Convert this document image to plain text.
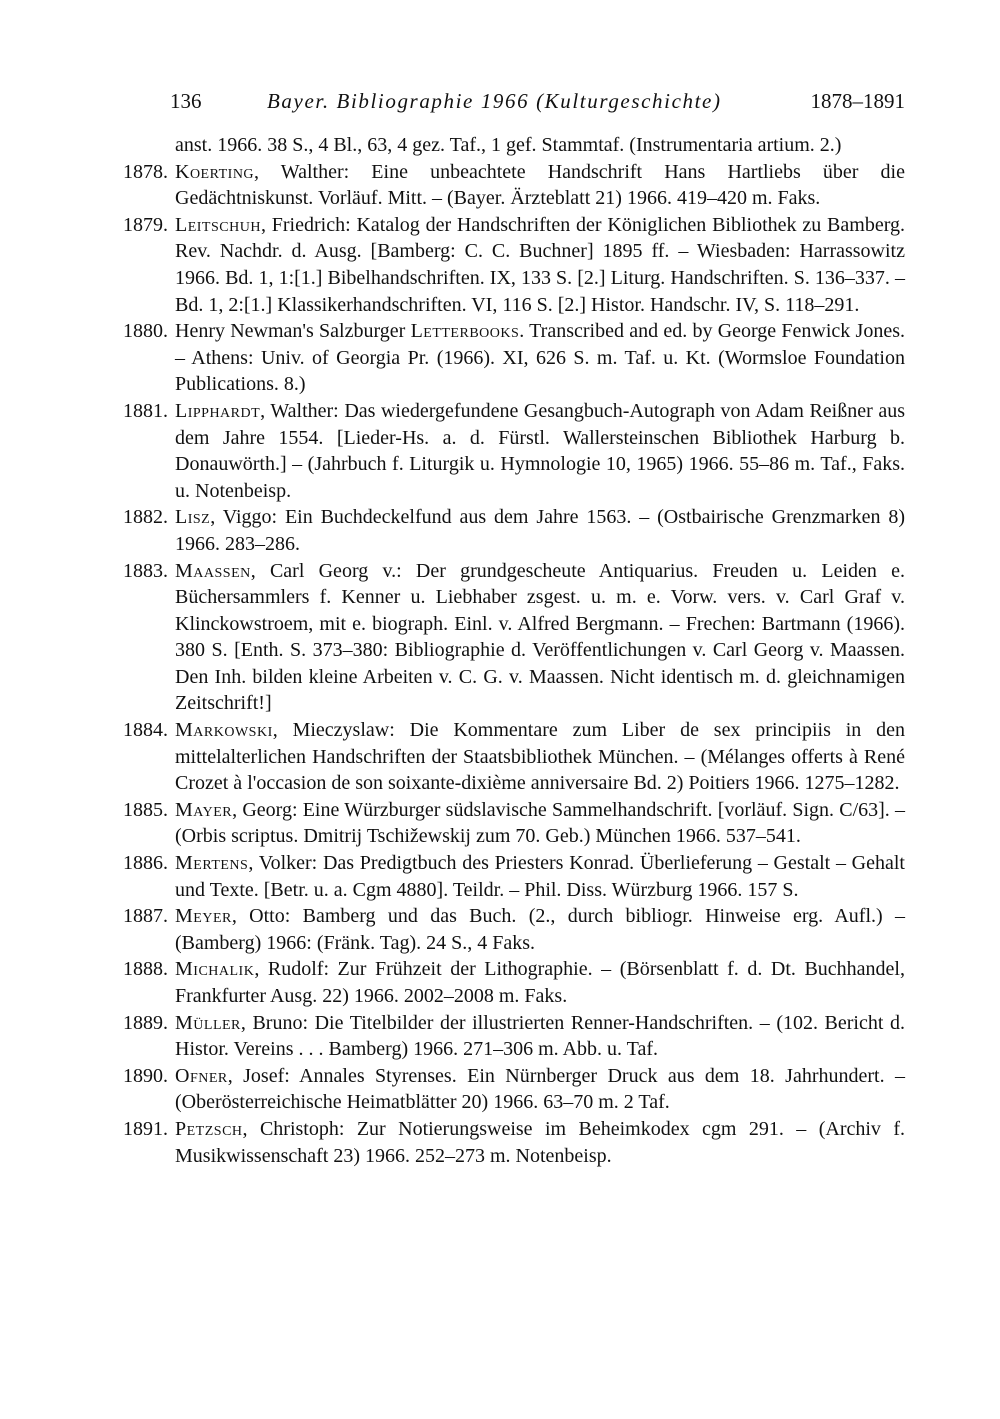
136	Bayer. Bibliographie 1966 (Kulturgeschichte)	1878–1891
anst. 1966. 38 S., 4 Bl., 63, 4 gez. Taf., 1 gef. Stammtaf. (Instrumentaria artium. 2.)
1878. Koerting, Walther: Eine unbeachtete Handschrift Hans Hartliebs über die Gedächtniskunst. Vorläuf. Mitt. – (Bayer. Ärzteblatt 21) 1966. 419–420 m. Faks.
1879. Leitschuh, Friedrich: Katalog der Handschriften der Königlichen Bibliothek zu Bamberg. Rev. Nachdr. d. Ausg. [Bamberg: C. C. Buchner] 1895 ff. – Wiesbaden: Harrassowitz 1966. Bd. 1, 1:[1.] Bibelhandschriften. IX, 133 S. [2.] Liturg. Handschriften. S. 136–337. – Bd. 1, 2:[1.] Klassikerhandschriften. VI, 116 S. [2.] Histor. Handschr. IV, S. 118–291.
1880. Henry Newman's Salzburger Letterbooks. Transcribed and ed. by George Fenwick Jones. – Athens: Univ. of Georgia Pr. (1966). XI, 626 S. m. Taf. u. Kt. (Wormsloe Foundation Publications. 8.)
1881. Lipphardt, Walther: Das wiedergefundene Gesangbuch-Autograph von Adam Reißner aus dem Jahre 1554. [Lieder-Hs. a. d. Fürstl. Wallersteinschen Bibliothek Harburg b. Donauwörth.] – (Jahrbuch f. Liturgik u. Hymnologie 10, 1965) 1966. 55–86 m. Taf., Faks. u. Notenbeisp.
1882. Lisz, Viggo: Ein Buchdeckelfund aus dem Jahre 1563. – (Ostbairische Grenzmarken 8) 1966. 283–286.
1883. Maassen, Carl Georg v.: Der grundgescheute Antiquarius. Freuden u. Leiden e. Büchersammlers f. Kenner u. Liebhaber zsgest. u. m. e. Vorw. vers. v. Carl Graf v. Klinckowstroem, mit e. biograph. Einl. v. Alfred Bergmann. – Frechen: Bartmann (1966). 380 S. [Enth. S. 373–380: Bibliographie d. Veröffentlichungen v. Carl Georg v. Maassen. Den Inh. bilden kleine Arbeiten v. C. G. v. Maassen. Nicht identisch m. d. gleichnamigen Zeitschrift!]
1884. Markowski, Mieczyslaw: Die Kommentare zum Liber de sex principiis in den mittelalterlichen Handschriften der Staatsbibliothek München. – (Mélanges offerts à René Crozet à l'occasion de son soixante-dixième anniversaire Bd. 2) Poitiers 1966. 1275–1282.
1885. Mayer, Georg: Eine Würzburger südslavische Sammelhandschrift. [vorläuf. Sign. C/63]. – (Orbis scriptus. Dmitrij Tschižewskij zum 70. Geb.) München 1966. 537–541.
1886. Mertens, Volker: Das Predigtbuch des Priesters Konrad. Überlieferung – Gestalt – Gehalt und Texte. [Betr. u. a. Cgm 4880]. Teildr. – Phil. Diss. Würzburg 1966. 157 S.
1887. Meyer, Otto: Bamberg und das Buch. (2., durch bibliogr. Hinweise erg. Aufl.) – (Bamberg) 1966: (Fränk. Tag). 24 S., 4 Faks.
1888. Michalik, Rudolf: Zur Frühzeit der Lithographie. – (Börsenblatt f. d. Dt. Buchhandel, Frankfurter Ausg. 22) 1966. 2002–2008 m. Faks.
1889. Müller, Bruno: Die Titelbilder der illustrierten Renner-Handschriften. – (102. Bericht d. Histor. Vereins . . . Bamberg) 1966. 271–306 m. Abb. u. Taf.
1890. Ofner, Josef: Annales Styrenses. Ein Nürnberger Druck aus dem 18. Jahrhundert. – (Oberösterreichische Heimatblätter 20) 1966. 63–70 m. 2 Taf.
1891. Petzsch, Christoph: Zur Notierungsweise im Beheimkodex cgm 291. – (Archiv f. Musikwissenschaft 23) 1966. 252–273 m. Notenbeisp.
